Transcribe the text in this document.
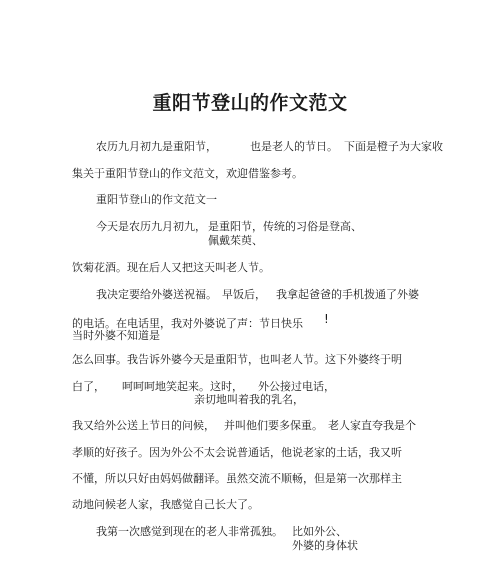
重阳节登山的作文范文
农历九月初九是重阳节，	也是老人的节日。 下面是橙子为大家收
集关于重阳节登山的作文范文，欢迎借鉴参考。
重阳节登山的作文范文一
今天是农历九月初九， 是重阳节，传统的习俗是登高、
佩戴茱萸、
饮菊花酒。现在后人又把这天叫老人节。
我决定要给外婆送祝福。 早饭后， 我拿起爸爸的手机拨通了外婆
的电话。在电话里，我对外婆说了声：节日快乐 !
当时外婆不知道是
怎么回事。我告诉外婆今天是重阳节，也叫老人节。这下外婆终于明
白了， 呵呵呵地笑起来。这时， 外公接过电话，
亲切地叫着我的乳名，
我又给外公送上节日的问候， 并叫他们要多保重。 老人家直夸我是个
孝顺的好孩子。因为外公不太会说普通话，他说老家的土话，我又听
不懂，所以只好由妈妈做翻译。虽然交流不顺畅，但是第一次那样主
动地问候老人家，我感觉自己长大了。
我第一次感觉到现在的老人非常孤独。 比如外公、
外婆的身体状
